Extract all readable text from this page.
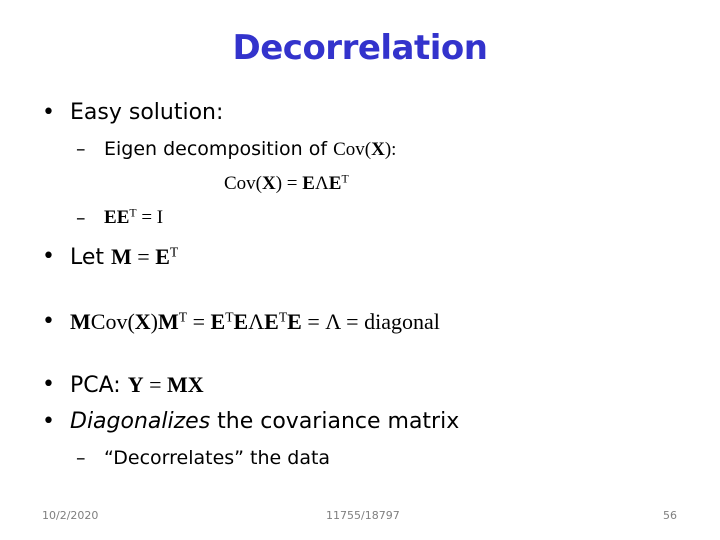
Decorrelation
• Easy solution:
– Eigen decomposition of Cov(X):
$Cov(X) = E\Lambda E^T$
– $EE^T = I$
• Let $M = E^T$
• $MCov(X)M^T = E^TE\Lambda E^TE = \Lambda$ = diagonal
• PCA: Y = MX
• Diagonalizes the covariance matrix
– “Decorrelates” the data
10/2/2020	11755/18797	56
